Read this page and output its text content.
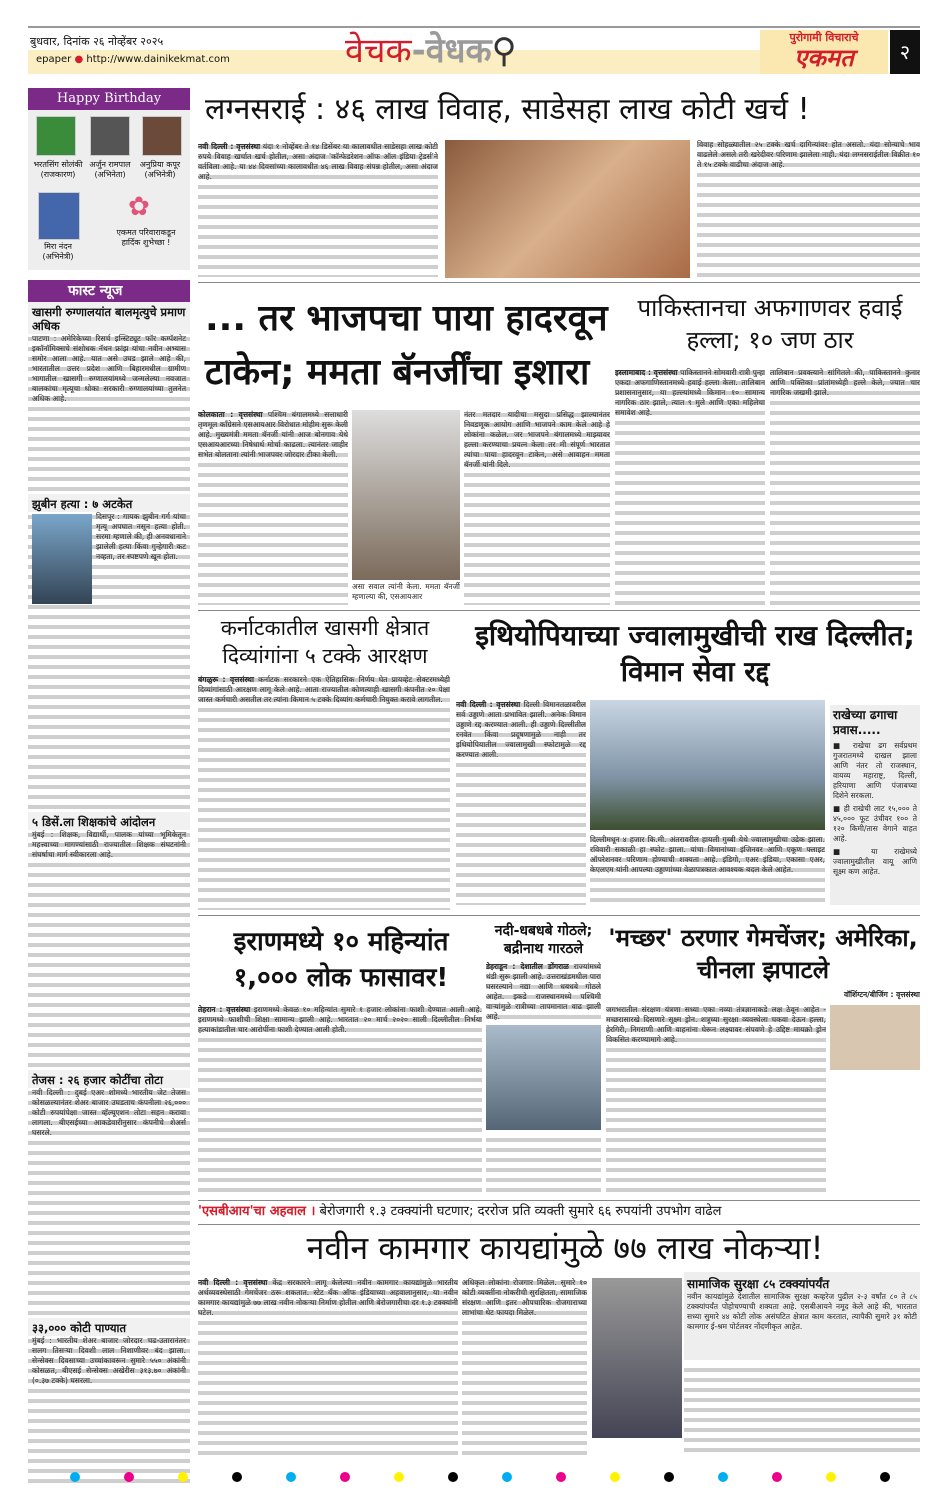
बुधवार, दिनांक २६ नोव्हेंबर २०२५
epaper ● http://www.dainikekmat.com	वेचक-वेधक⚲	पुरोगामी विचाराचे
एकमत	२
Happy Birthday
भरतसिंग सोलंकी
(राजकारण)
अर्जुन रामपाल
(अभिनेता)
अनुप्रिया कपूर
(अभिनेत्री)
मिरा नंदन
(अभिनेत्री)
✿
एकमत परिवाराकडून हार्दिक शुभेच्छा !
फास्ट न्यूज
खासगी रुग्णालयांत बालमृत्युचे प्रमाण अधिक
पाटणा : अमेरिकेच्या रिसर्च इन्स्टिट्यूट फॉर कम्पॅशनेट इकॉनॉमिक्सचे संशोधक नॅथन फ्रांझ यांचा नवीन अभ्यास समोर आला आहे. यात असे उघड झाले आहे की, भारतातील उत्तर प्रदेश आणि बिहारमधील ग्रामीण भागातील खासगी रुग्णालयांमध्ये जन्मलेल्या नवजात बालकांचा मृत्यूचा धोका सरकारी रुग्णालयांच्या तुलनेत अधिक आहे.
झुबीन हत्या : ७ अटकेत
दिसपूर : गायक झुबीन गर्ग यांचा मृत्यू अपघात नसून हत्या होती. सरमा म्हणाले की, ही अनवधानाने झालेली हत्या किंवा गुन्हेगारी कट नव्हता, तर स्पष्टपणे खून होता.
५ डिसें.ला शिक्षकांचे आंदोलन
मुंबई : शिक्षक, विद्यार्थी, पालक यांच्या भूमिकेतून महत्त्वाच्या मागण्यांसाठी राज्यातील शिक्षक संघटनांनी संघर्षाचा मार्ग स्वीकारला आहे.
तेजस : २६ हजार कोटींचा तोटा
नवी दिल्ली : दुबई एअर शोमध्ये भारतीय जेट तेजस कोसळल्यानंतर शेअर बाजार उघडताच कंपनीला २६,००० कोटी रुपयांपेक्षा जास्त व्हॅल्यूएशन तोटा सहन करावा लागला. बीएसईच्या आकडेवारीनुसार कंपनीचे शेअर्स घसरले.
३३,००० कोटी पाण्यात
मुंबई : भारतीय शेअर बाजार जोरदार चढ-उतारानंतर सलग तिसऱ्या दिवशी लाल निशाणीवर बंद झाला. सेन्सेक्स दिवसाच्या उच्चांकावरून सुमारे ५५० अंकांनी कोसळत, बीएसई सेन्सेक्स अखेरीस ३१३.७० अंकांनी (०.३७ टक्के) घसरला.
लग्नसराई : ४६ लाख विवाह, साडेसहा लाख कोटी खर्च !
नवी दिल्ली : वृत्तसंस्था यंदा १ नोव्हेंबर ते १४ डिसेंबर या कालावधीत साडेसहा लाख कोटी रुपये विवाह खर्चात खर्च होतील, असा अंदाज 'कॉन्फेडरेशन ऑफ ऑल इंडिया ट्रेडर्स'ने वर्तविला आहे. या ४४ दिवसांच्या कालावधीत ४६ लाख विवाह संपन्न होतील, असा अंदाज आहे.
विवाह सोहळ्यातील २५ टक्के खर्च दागिन्यांवर होत असतो. यंदा सोन्याचे भाव वाढलेले असले तरी खरेदीवर परिणाम झालेला नाही. यंदा लग्नसराईतील विक्रीत १० ते १५ टक्के वाढीचा अंदाज आहे.
... तर भाजपचा पाया हादरवून टाकेन; ममता बॅनर्जींचा इशारा
कोलकाता : वृत्तसंस्था पश्चिम बंगालमध्ये सत्ताधारी तृणमूल काँग्रेसने एसआयआर विरोधात मोहीम सुरू केली आहे. मुख्यमंत्री ममता बॅनर्जी यांनी आज बोनगाव येथे एसआयआरच्या निषेधार्थ मोर्चा काढला. त्यानंतर जाहीर सभेत बोलताना त्यांनी भाजपवर जोरदार टीका केली.
असा सवाल त्यांनी केला. ममता बॅनर्जी म्हणाल्या की, एसआयआर
नंतर मतदार यादीचा मसुदा प्रसिद्ध झाल्यानंतर निवडणूक आयोग आणि भाजपने काम केले आहे हे लोकांना कळेल. जर भाजपने बंगालमध्ये माझ्यावर हल्ला करण्याचा प्रयत्न केला तर मी संपूर्ण भारतात त्यांचा पाया हादरवून टाकेन, असे आवाहन ममता बॅनर्जी यांनी दिले.
पाकिस्तानचा अफगाणवर हवाई हल्ला; १० जण ठार
इस्लामाबाद : वृत्तसंस्था पाकिस्तानने सोमवारी रात्री पुन्हा एकदा अफगाणिस्तानमध्ये हवाई हल्ला केला. तालिबान प्रशासनानुसार, या हल्ल्यांमध्ये किमान १० सामान्य नागरिक ठार झाले, त्यात ९ मुले आणि एका महिलेचा समावेश आहे.
तालिबान प्रवक्त्याने सांगितले की, पाकिस्तानने कुनार आणि पक्तिका प्रांतांमध्येही हल्ले केले, ज्यात चार नागरिक जखमी झाले.
कर्नाटकातील खासगी क्षेत्रात दिव्यांगांना ५ टक्के आरक्षण
बंगळुरू : वृत्तसंस्था कर्नाटक सरकारने एक ऐतिहासिक निर्णय घेत प्रायव्हेट सेक्टरमध्येही दिव्यांगांसाठी आरक्षण लागू केले आहे. आता राज्यातील कोणत्याही खासगी कंपनीत २० पेक्षा जास्त कर्मचारी असतील तर त्यांना किमान ५ टक्के दिव्यांग कर्मचारी नियुक्त करावे लागतील.
इथियोपियाच्या ज्वालामुखीची राख दिल्लीत; विमान सेवा रद्द
नवी दिल्ली : वृत्तसंस्था दिल्ली विमानतळावरील सर्व उड्डाणे आता प्रभावित झाली. अनेक विमान उड्डाणे रद्द करण्यात आली. ही उड्डाणे दिल्लीतील रनवेत किंवा प्रदूषणामुळे नाही तर इथियोपियातील ज्वालामुखी स्फोटामुळे रद्द करण्यात आली.
दिल्लीमधून ४ हजार कि.मी. अंतरावरील हायली गुब्बी येथे ज्वालामुखीचा उद्रेक झाला. रविवारी सकाळी हा स्फोट झाला. यांचा विमानांच्या इंजिनवर आणि एकूण फ्लाइट ऑपरेशनवर परिणाम होण्याची शक्यता आहे. इंडिगो, एअर इंडिया, एकासा एअर, केएलएम यांनी आपल्या उड्डाणांच्या वेळापत्रकात आवश्यक बदल केले आहेत.
राखेच्या ढगाचा प्रवास.....
■ राखेचा ढग सर्वप्रथम गुजरातमध्ये दाखल झाला आणि नंतर तो राजस्थान, वायव्य महाराष्ट्र, दिल्ली, हरियाणा आणि पंजाबच्या दिशेने सरकला.
■ ही राखेची लाट १५,००० ते ४५,००० फूट उंचीवर १०० ते १२० किमी/तास वेगाने वाहत आहे.
■ या राखेमध्ये ज्वालामुखीतील वायू आणि सूक्ष्म कण आहेत.
इराणमध्ये १० महिन्यांत १,००० लोक फासावर!
तेहरान : वृत्तसंस्था इराणमध्ये केवळ १० महिन्यांत सुमारे १ हजार लोकांना फाशी देण्यात आली आहे. इराणमध्ये फाशीची शिक्षा सामान्य झाली आहे. भारतात २० मार्च २०२० साली दिल्लीतील निर्भया हत्याकांडातील चार आरोपींना फाशी देण्यात आली होती.
नदी-धबधबे गोठले; बद्रीनाथ गारठले
डेहराडून : देशातील डोंगराळ राज्यांमध्ये थंडी सुरू झाली आहे. उत्तराखंडमधील पारा घसरल्याने नद्या आणि धबधबे गोठले आहेत. इकडे राजस्थानमध्ये पश्चिमी वाऱ्यांमुळे रात्रीच्या तापमानात वाढ झाली आहे.
'मच्छर' ठरणार गेमचेंजर; अमेरिका, चीनला झपाटले
वॉशिंग्टन/बीजिंग : वृत्तसंस्था
जगभरातील संरक्षण यंत्रणा सध्या एका नव्या तंत्रज्ञानाकडे लक्ष ठेवून आहेत - मच्छरासारखे दिसणारे सूक्ष्म ड्रोन. शत्रूच्या सुरक्षा व्यवस्थेला चकवा देऊन हल्ला, हेरगिरी, निगराणी आणि वाहनांना घेरून लक्ष्यावर संपवणे हे उद्दिष्ट मायक्रो ड्रोन विकसित करण्यामागे आहे.
'एसबीआय'चा अहवाल । बेरोजगारी १.३ टक्क्यांनी घटणार; दररोज प्रति व्यक्ती सुमारे ६६ रुपयांनी उपभोग वाढेल
नवीन कामगार कायद्यांमुळे ७७ लाख नोकऱ्या!
नवी दिल्ली : वृत्तसंस्था केंद्र सरकारने लागू केलेल्या नवीन कामगार कायद्यांमुळे भारतीय अर्थव्यवस्थेसाठी गेमचेंजर ठरू शकतात. स्टेट बँक ऑफ इंडियाच्या अहवालानुसार, या नवीन कामगार कायद्यांमुळे ७७ लाख नवीन नोकऱ्या निर्माण होतील आणि बेरोजगारीचा दर १.३ टक्क्यांनी घटेल.
अधिकृत लोकांना रोजगार मिळेल. सुमारे १० कोटी व्यक्तींना नोकरीची सुरक्षितता, सामाजिक संरक्षण आणि इतर औपचारिक रोजगाराच्या लाभांचा थेट फायदा मिळेल.
सामाजिक सुरक्षा ८५ टक्क्यांपर्यंत
नवीन कायद्यांमुळे देशातील सामाजिक सुरक्षा कव्हरेज पुढील २-३ वर्षांत ८० ते ८५ टक्क्यांपर्यंत पोहोचण्याची शक्यता आहे. एसबीआयने नमूद केले आहे की, भारतात सध्या सुमारे ४४ कोटी लोक असंघटित क्षेत्रात काम करतात, त्यापैकी सुमारे ३१ कोटी कामगार ई-श्रम पोर्टलवर नोंदणीकृत आहेत.
